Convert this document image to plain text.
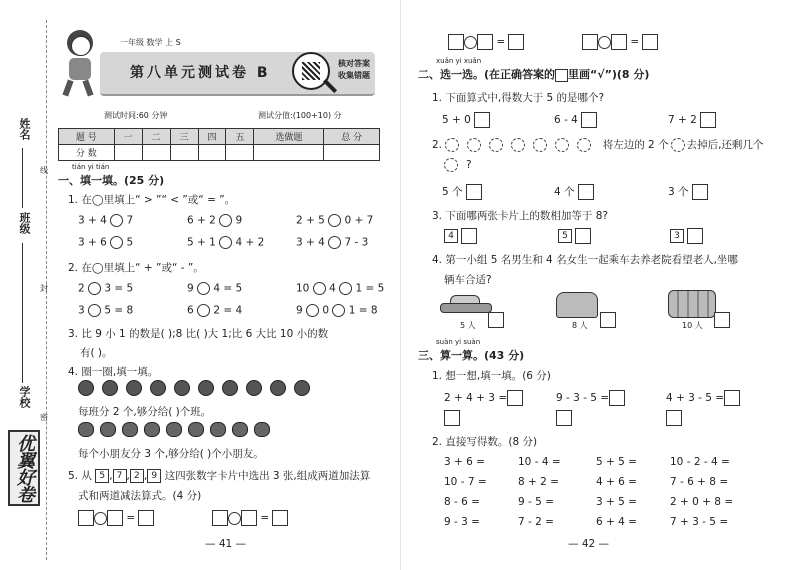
姓名
班级
学校
线
封
密
优翼好卷
一年级 数学 上 S
第八单元测试卷 B
核对答案
收集错题
测试时间:60 分钟	测试分值:(100+10) 分
题 号	一	二	三	四	五	选做题	总 分
分 数							
tián yi tián
一、填一填。(25 分)
1. 在◯里填上“ > ”“ < ”或“ = ”。
3 + 4 7	6 + 2 9	2 + 5 0 + 7
3 + 6 5	5 + 1 4 + 2	3 + 4 7 - 3
2. 在◯里填上“ + ”或“ - ”。
2 3 = 5	9 4 = 5	10 4 1 = 5
3 5 = 8	6 2 = 4	9 0 1 = 8
3. 比 9 小 1 的数是( );8 比( )大 1;比 6 大比 10 小的数
有( )。
4. 圈一圈,填一填。
每班分 2 个,够分给( )个班。
每个小朋友分 3 个,够分给( )个小朋友。
5. 从 5 , 7 , 2 , 9 这四张数字卡片中选出 3 张,组成两道加法算
式和两道减法算式。(4 分)
=	=
— 41 —
=	=
xuǎn yi xuǎn
二、选一选。(在正确答案的 里画“√”)(8 分)
1. 下面算式中,得数大于 5 的是哪个?
5 + 0	6 - 4	7 + 2
2.	将左边的 2 个 去掉后,还剩几个
?
5 个	4 个	3 个
3. 下面哪两张卡片上的数相加等于 8?
4	5	3
4. 第一小组 5 名男生和 4 名女生一起乘车去养老院看望老人,坐哪
辆车合适?
5 人	8 人	10 人
suàn yi suàn
三、算一算。(43 分)
1. 想一想,填一填。(6 分)
2 + 4 + 3 =	9 - 3 - 5 =	4 + 3 - 5 =
2. 直接写得数。(8 分)
3 + 6 =	10 - 4 =	5 + 5 =	10 - 2 - 4 =
10 - 7 =	8 + 2 =	4 + 6 =	7 - 6 + 8 =
8 - 6 =	9 - 5 =	3 + 5 =	2 + 0 + 8 =
9 - 3 =	7 - 2 =	6 + 4 =	7 + 3 - 5 =
— 42 —
